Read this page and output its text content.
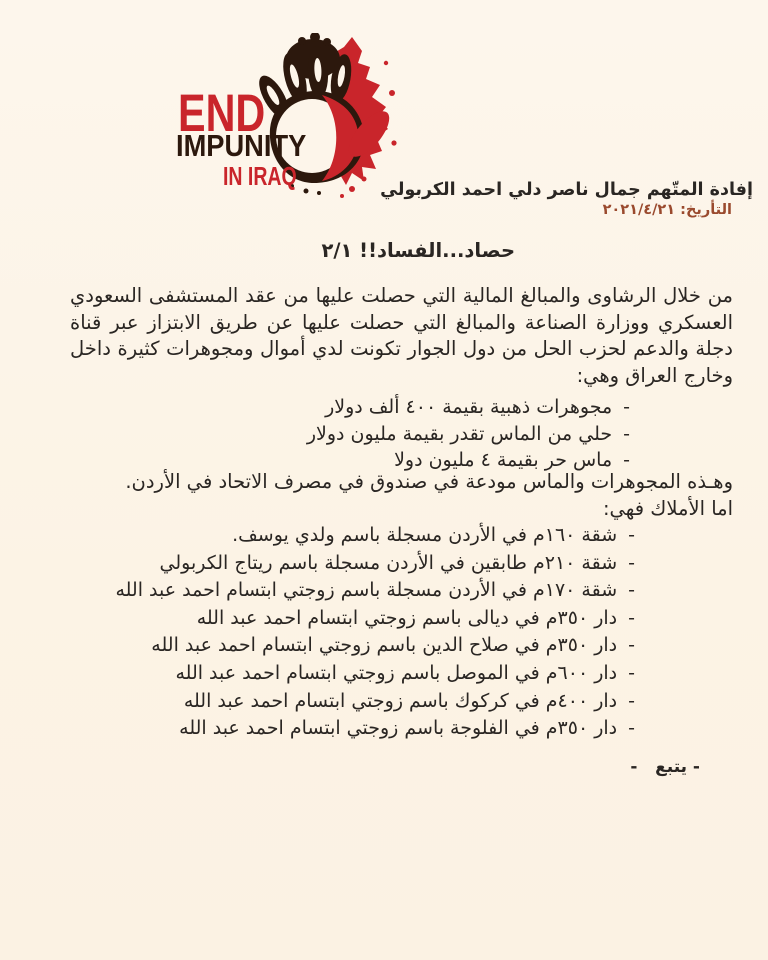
END
IMPUNITY
IN IRAQ	إفادة المتّهم جمال ناصر دلي احمد الكربولي
التأريخ: ٢٠٢١/٤/٢١
حصاد...الفساد!! ٢/١
من خلال الرشاوى والمبالغ المالية التي حصلت عليها من عقد المستشفى السعودي
العسكري ووزارة الصناعة والمبالغ التي حصلت عليها عن طريق الابتزاز عبر قناة
دجلة والدعم لحزب الحل من دول الجوار تكونت لدي أموال ومجوهرات كثيرة داخل
وخارج العراق وهي:
-مجوهرات ذهبية بقيمة ٤٠٠ ألف دولار
-حلي من الماس تقدر بقيمة مليون دولار
-ماس حر بقيمة ٤ مليون دولا
وهـذه المجوهرات والماس مودعة في صندوق في مصرف الاتحاد في الأردن.
اما الأملاك فهي:
-شقة ١٦٠م في الأردن مسجلة باسم ولدي يوسف.
-شقة ٢١٠م طابقين في الأردن مسجلة باسم ريتاج الكربولي
-شقة ١٧٠م في الأردن مسجلة باسم زوجتي ابتسام احمد عبد الله
-دار ٣٥٠م في ديالى باسم زوجتي ابتسام احمد عبد الله
-دار ٣٥٠م في صلاح الدين باسم زوجتي ابتسام احمد عبد الله
-دار ٦٠٠م في الموصل باسم زوجتي ابتسام احمد عبد الله
-دار ٤٠٠م في كركوك باسم زوجتي ابتسام احمد عبد الله
-دار ٣٥٠م في الفلوجة باسم زوجتي ابتسام احمد عبد الله
- يتبع   -
